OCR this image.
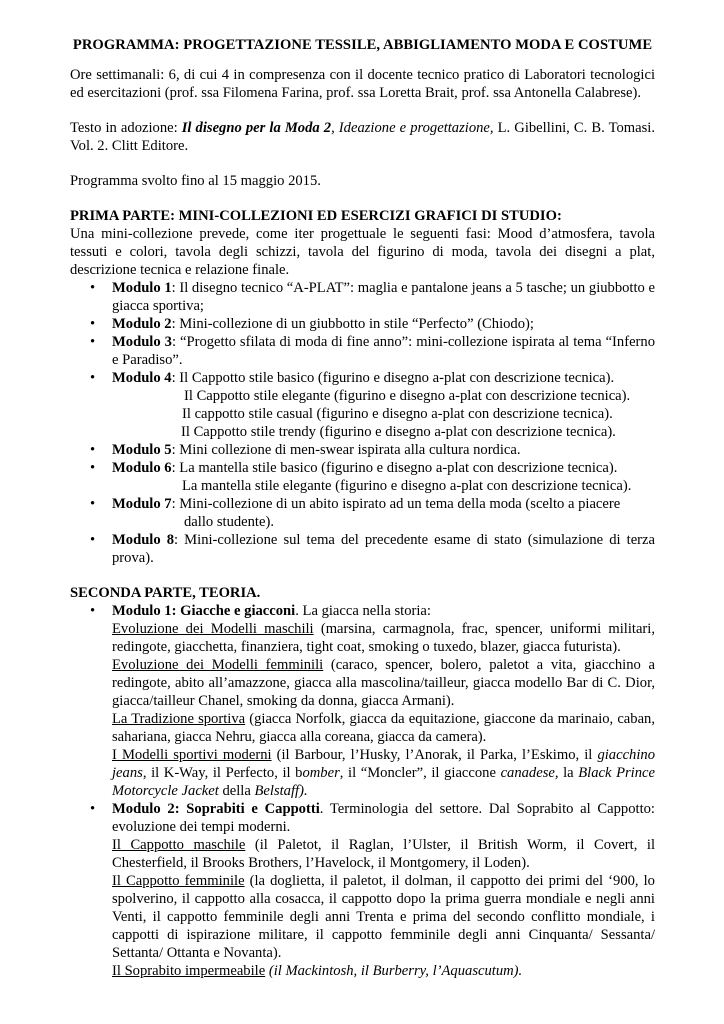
PROGRAMMA: PROGETTAZIONE TESSILE, ABBIGLIAMENTO MODA E COSTUME

Ore settimanali: 6, di cui 4 in compresenza con il docente tecnico pratico di Laboratori tecnologici ed esercitazioni (prof. ssa Filomena Farina, prof. ssa Loretta Brait, prof. ssa Antonella Calabrese).

Testo in adozione: Il disegno per la Moda 2, Ideazione e progettazione, L. Gibellini, C. B. Tomasi. Vol. 2. Clitt Editore.

Programma svolto fino al 15 maggio 2015.

PRIMA PARTE: MINI-COLLEZIONI ED ESERCIZI GRAFICI DI STUDIO:
Una mini-collezione prevede, come iter progettuale le seguenti fasi: Mood d’atmosfera, tavola tessuti e colori, tavola degli schizzi, tavola del figurino di moda, tavola dei disegni a plat, descrizione tecnica e relazione finale.
• Modulo 1: Il disegno tecnico “A-PLAT”: maglia e pantalone jeans a 5 tasche; un giubbotto e giacca sportiva;
• Modulo 2: Mini-collezione di un giubbotto in stile “Perfecto” (Chiodo);
• Modulo 3: “Progetto sfilata di moda di fine anno”: mini-collezione ispirata al tema “Inferno e Paradiso”.
• Modulo 4: Il Cappotto stile basico (figurino e disegno a-plat con descrizione tecnica).
Il Cappotto stile elegante (figurino e disegno a-plat con descrizione tecnica).
Il cappotto stile casual (figurino e disegno a-plat con descrizione tecnica).
Il Cappotto stile trendy (figurino e disegno a-plat con descrizione tecnica).
• Modulo 5: Mini collezione di men-swear ispirata alla cultura nordica.
• Modulo 6: La mantella stile basico (figurino e disegno a-plat con descrizione tecnica).
La mantella stile elegante (figurino e disegno a-plat con descrizione tecnica).
• Modulo 7: Mini-collezione di un abito ispirato ad un tema della moda (scelto a piacere
dallo studente).
• Modulo 8: Mini-collezione sul tema del precedente esame di stato (simulazione di terza prova).
SECONDA PARTE, TEORIA.
• Modulo 1: Giacche e giacconi. La giacca nella storia:
Evoluzione dei Modelli maschili (marsina, carmagnola, frac, spencer, uniformi militari, redingote, giacchetta, finanziera, tight coat, smoking o tuxedo, blazer, giacca futurista).
Evoluzione dei Modelli femminili (caraco, spencer, bolero, paletot a vita, giacchino a redingote, abito all’amazzone, giacca alla mascolina/tailleur, giacca modello Bar di C. Dior, giacca/tailleur Chanel, smoking da donna, giacca Armani).
La Tradizione sportiva (giacca Norfolk, giacca da equitazione, giaccone da marinaio, caban, sahariana, giacca Nehru, giacca alla coreana, giacca da camera).
I Modelli sportivi moderni (il Barbour, l’Husky, l’Anorak, il Parka, l’Eskimo, il giacchino jeans, il K-Way, il Perfecto, il bomber, il “Moncler”, il giaccone canadese, la Black Prince Motorcycle Jacket della Belstaff).
• Modulo 2: Soprabiti e Cappotti. Terminologia del settore. Dal Soprabito al Cappotto: evoluzione dei tempi moderni.
Il Cappotto maschile (il Paletot, il Raglan, l’Ulster, il British Worm, il Covert, il Chesterfield, il Brooks Brothers, l’Havelock, il Montgomery, il Loden).
Il Cappotto femminile (la doglietta, il paletot, il dolman, il cappotto dei primi del ‘900, lo spolverino, il cappotto alla cosacca, il cappotto dopo la prima guerra mondiale e negli anni Venti, il cappotto femminile degli anni Trenta e prima del secondo conflitto mondiale, i cappotti di ispirazione militare, il cappotto femminile degli anni Cinquanta/ Sessanta/ Settanta/ Ottanta e Novanta).
Il Soprabito impermeabile (il Mackintosh, il Burberry, l’Aquascutum).
